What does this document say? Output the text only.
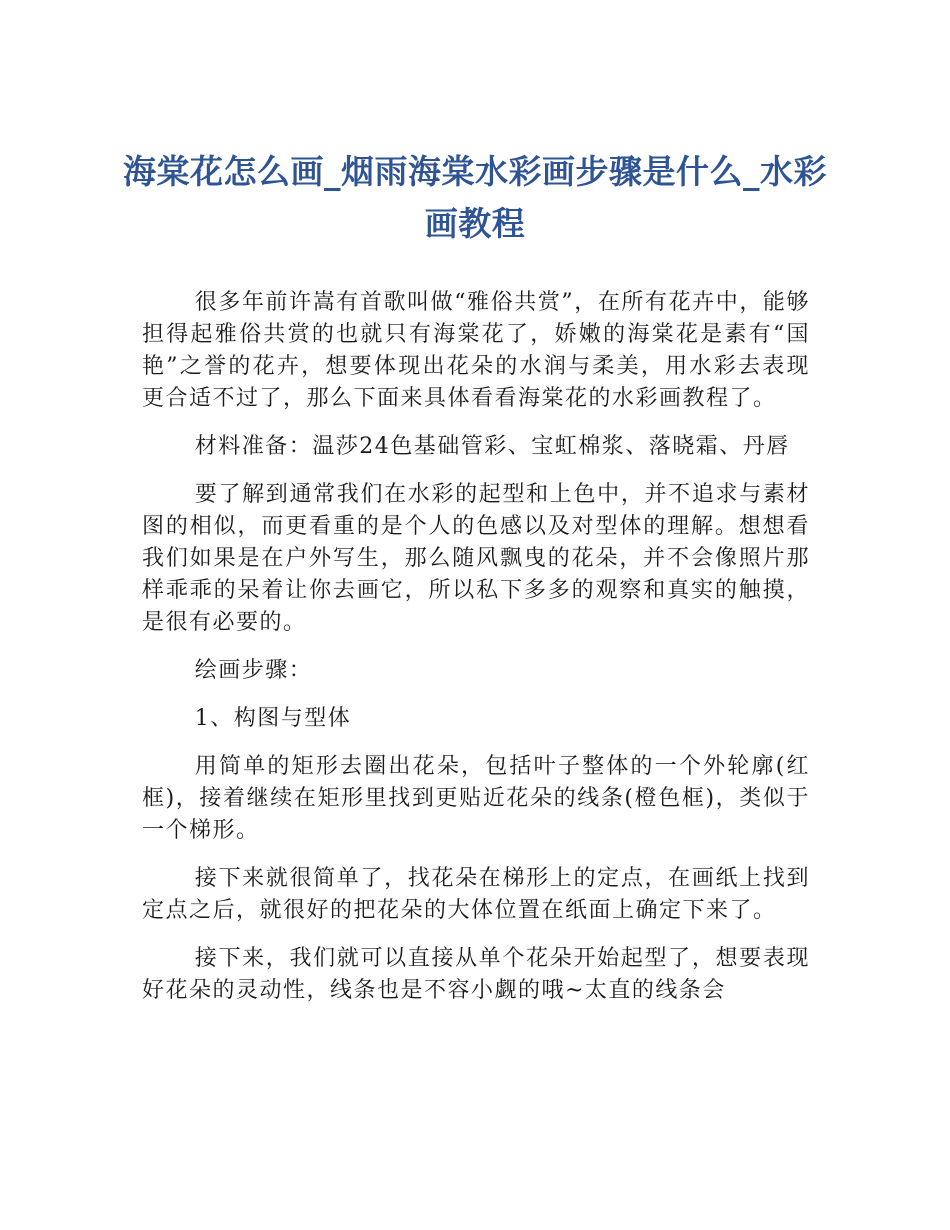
海棠花怎么画_烟雨海棠水彩画步骤是什么_水彩画教程

很多年前许嵩有首歌叫做“雅俗共赏”，在所有花卉中，能够担得起雅俗共赏的也就只有海棠花了，娇嫩的海棠花是素有“国艳”之誉的花卉，想要体现出花朵的水润与柔美，用水彩去表现更合适不过了，那么下面来具体看看海棠花的水彩画教程了。

材料准备：温莎24色基础管彩、宝虹棉浆、落晓霜、丹唇

要了解到通常我们在水彩的起型和上色中，并不追求与素材图的相似，而更看重的是个人的色感以及对型体的理解。想想看我们如果是在户外写生，那么随风飘曳的花朵，并不会像照片那样乖乖的呆着让你去画它，所以私下多多的观察和真实的触摸，是很有必要的。

绘画步骤：

1、构图与型体

用简单的矩形去圈出花朵，包括叶子整体的一个外轮廓(红框)，接着继续在矩形里找到更贴近花朵的线条(橙色框)，类似于一个梯形。

接下来就很简单了，找花朵在梯形上的定点，在画纸上找到定点之后，就很好的把花朵的大体位置在纸面上确定下来了。

接下来，我们就可以直接从单个花朵开始起型了，想要表现好花朵的灵动性，线条也是不容小觑的哦~太直的线条会
